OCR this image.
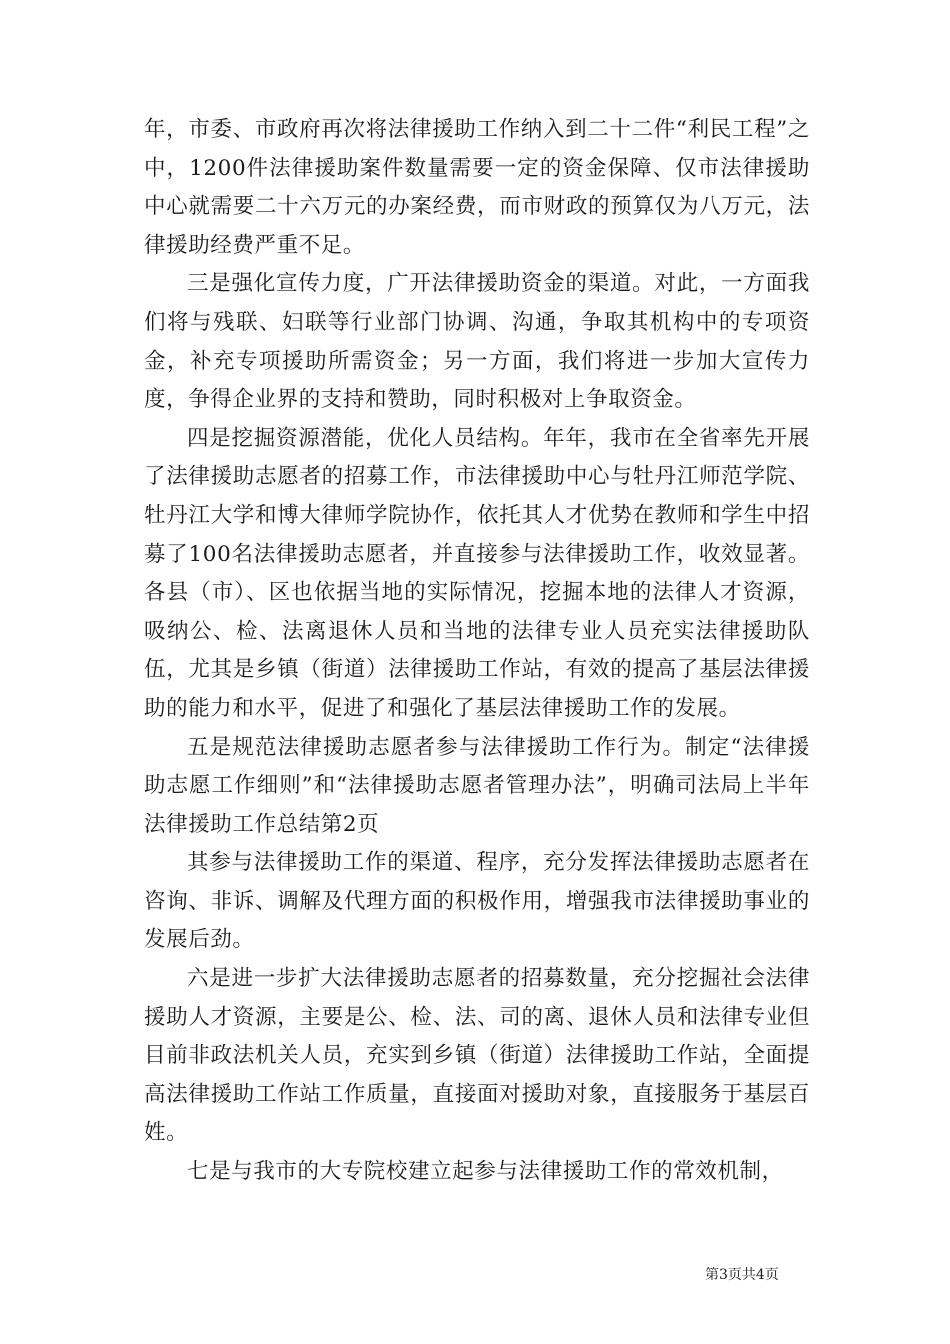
年，市委、市政府再次将法律援助工作纳入到二十二件“利民工程”之中，1200件法律援助案件数量需要一定的资金保障、仅市法律援助中心就需要二十六万元的办案经费，而市财政的预算仅为八万元，法律援助经费严重不足。

三是强化宣传力度，广开法律援助资金的渠道。对此，一方面我们将与残联、妇联等行业部门协调、沟通，争取其机构中的专项资金，补充专项援助所需资金；另一方面，我们将进一步加大宣传力度，争得企业界的支持和赞助，同时积极对上争取资金。

四是挖掘资源潜能，优化人员结构。年年，我市在全省率先开展了法律援助志愿者的招募工作，市法律援助中心与牡丹江师范学院、牡丹江大学和博大律师学院协作，依托其人才优势在教师和学生中招募了100名法律援助志愿者，并直接参与法律援助工作，收效显著。各县（市）、区也依据当地的实际情况，挖掘本地的法律人才资源，吸纳公、检、法离退休人员和当地的法律专业人员充实法律援助队伍，尤其是乡镇（街道）法律援助工作站，有效的提高了基层法律援助的能力和水平，促进了和强化了基层法律援助工作的发展。

五是规范法律援助志愿者参与法律援助工作行为。制定“法律援助志愿工作细则”和“法律援助志愿者管理办法”，明确司法局上半年法律援助工作总结第2页

其参与法律援助工作的渠道、程序，充分发挥法律援助志愿者在咨询、非诉、调解及代理方面的积极作用，增强我市法律援助事业的发展后劲。

六是进一步扩大法律援助志愿者的招募数量，充分挖掘社会法律援助人才资源，主要是公、检、法、司的离、退休人员和法律专业但目前非政法机关人员，充实到乡镇（街道）法律援助工作站，全面提高法律援助工作站工作质量，直接面对援助对象，直接服务于基层百姓。

七是与我市的大专院校建立起参与法律援助工作的常效机制，

第3页共4页
